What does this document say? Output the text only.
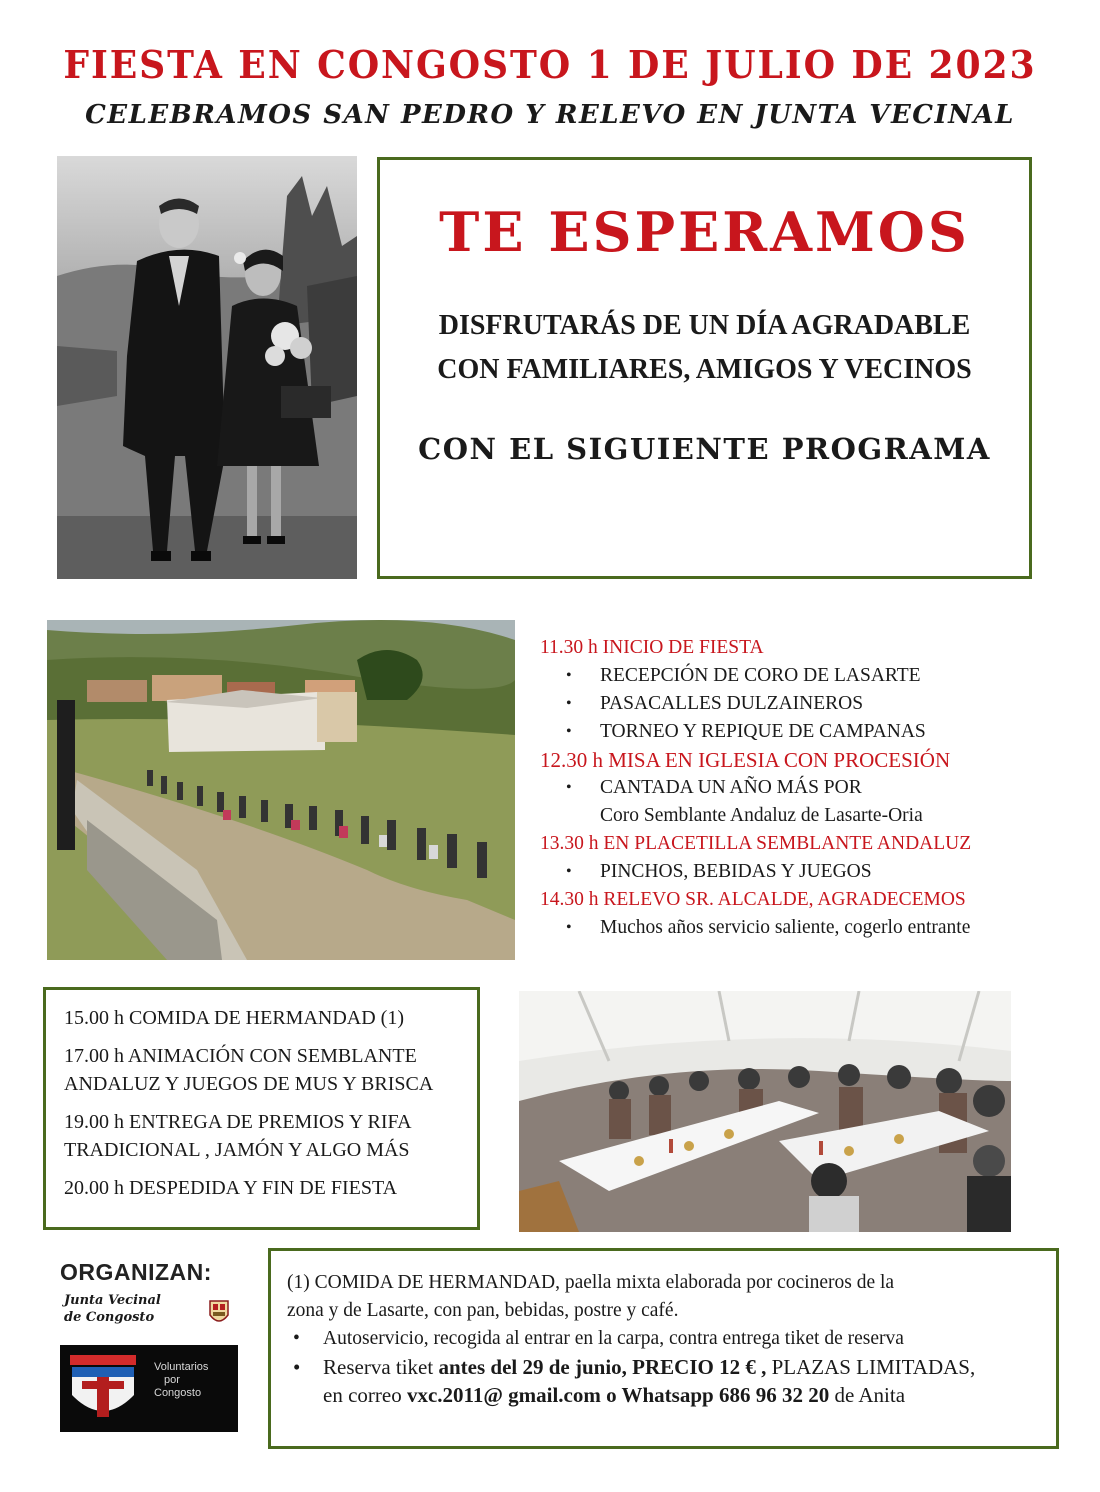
FIESTA EN CONGOSTO 1 DE JULIO DE 2023
CELEBRAMOS SAN PEDRO Y RELEVO EN JUNTA VECINAL
TE ESPERAMOS
DISFRUTARÁS DE UN DÍA AGRADABLE
CON FAMILIARES, AMIGOS Y VECINOS
CON EL SIGUIENTE PROGRAMA
11.30 h INICIO DE FIESTA
• RECEPCIÓN DE CORO DE LASARTE
• PASACALLES DULZAINEROS
• TORNEO Y REPIQUE DE CAMPANAS
12.30 h MISA EN IGLESIA CON PROCESIÓN
• CANTADA UN AÑO MÁS POR
Coro Semblante Andaluz de Lasarte-Oria
13.30 h EN PLACETILLA SEMBLANTE ANDALUZ
• PINCHOS, BEBIDAS Y JUEGOS
14.30 h RELEVO SR. ALCALDE, AGRADECEMOS
• Muchos años servicio saliente, cogerlo entrante

15.00 h COMIDA DE HERMANDAD (1)

17.00 h ANIMACIÓN CON SEMBLANTE
ANDALUZ Y JUEGOS DE MUS Y BRISCA

19.00 h ENTREGA DE PREMIOS Y RIFA
TRADICIONAL , JAMÓN Y ALGO MÁS

20.00 h DESPEDIDA Y FIN DE FIESTA

ORGANIZAN:
Junta Vecinal
de Congosto
Voluntarios
por
Congosto
(1) COMIDA DE HERMANDAD, paella mixta elaborada por cocineros de la
zona y de Lasarte, con pan, bebidas, postre y café.
• Autoservicio, recogida al entrar en la carpa, contra entrega tiket de reserva
• Reserva tiket antes del 29 de junio, PRECIO 12 € , PLAZAS LIMITADAS,
en correo vxc.2011@ gmail.com o Whatsapp 686 96 32 20 de Anita
